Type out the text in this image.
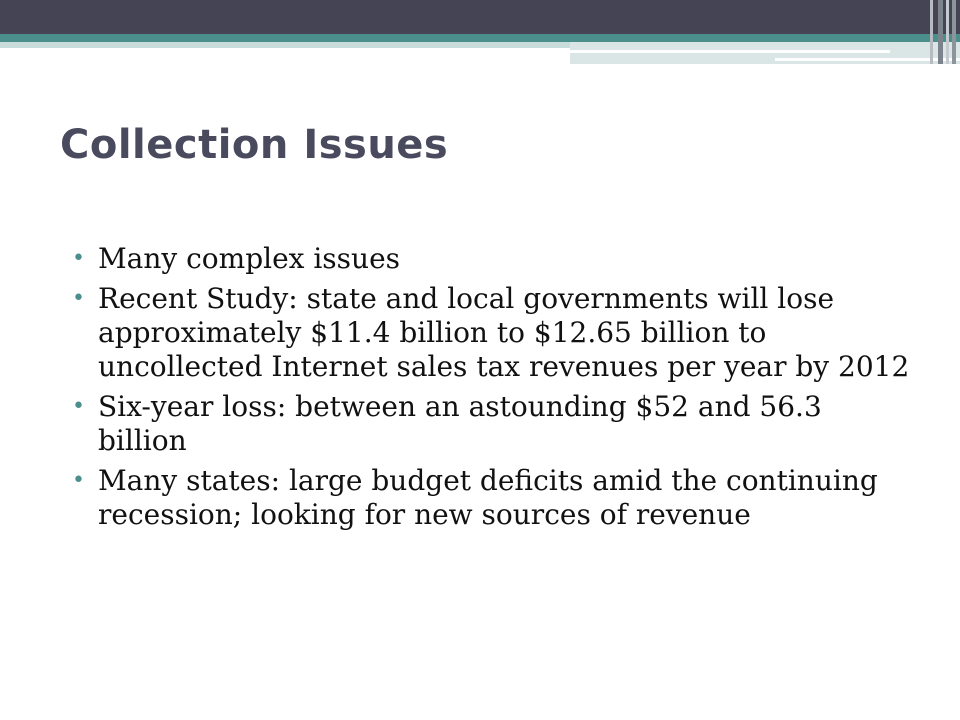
Collection Issues
• Many complex issues
• Recent Study: state and local governments will lose approximately $11.4 billion to $12.65 billion to uncollected Internet sales tax revenues per year by 2012
• Six-year loss: between an astounding $52 and 56.3 billion
• Many states: large budget deficits amid the continuing recession; looking for new sources of revenue
